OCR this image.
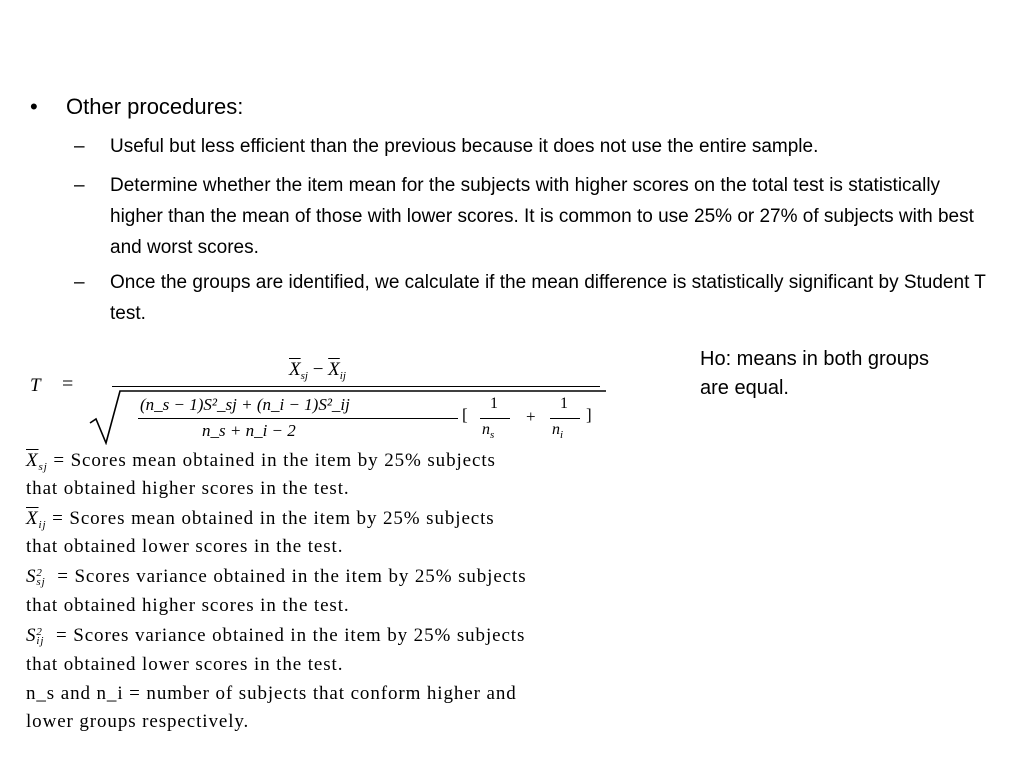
• Other procedures:
– Useful but less efficient than the previous because it does not use the entire sample.
– Determine whether the item mean for the subjects with higher scores on the total test is statistically higher than the mean of those with lower scores. It is common to use 25% or 27% of subjects with best and worst scores.
– Once the groups are identified, we calculate if the mean difference is statistically significant by Student T test.
Ho: means in both groups are equal.
T =
$\overline{X}_{sj} - \overline{X}_{ij}$
(n_s − 1)S²_sj + (n_i − 1)S²_ij
n_s + n_i − 2
[
1
$n_s$
+
1
$n_i$
]
$\overline{X}_{sj}$ = Scores mean obtained in the item by 25% subjects
that obtained higher scores in the test.
$\overline{X}_{ij}$ = Scores mean obtained in the item by 25% subjects
that obtained lower scores in the test.
S2
sj = Scores variance obtained in the item by 25% subjects
that obtained higher scores in the test.
S2
ij = Scores variance obtained in the item by 25% subjects
that obtained lower scores in the test.
n_s and n_i = number of subjects that conform higher and
lower groups respectively.
